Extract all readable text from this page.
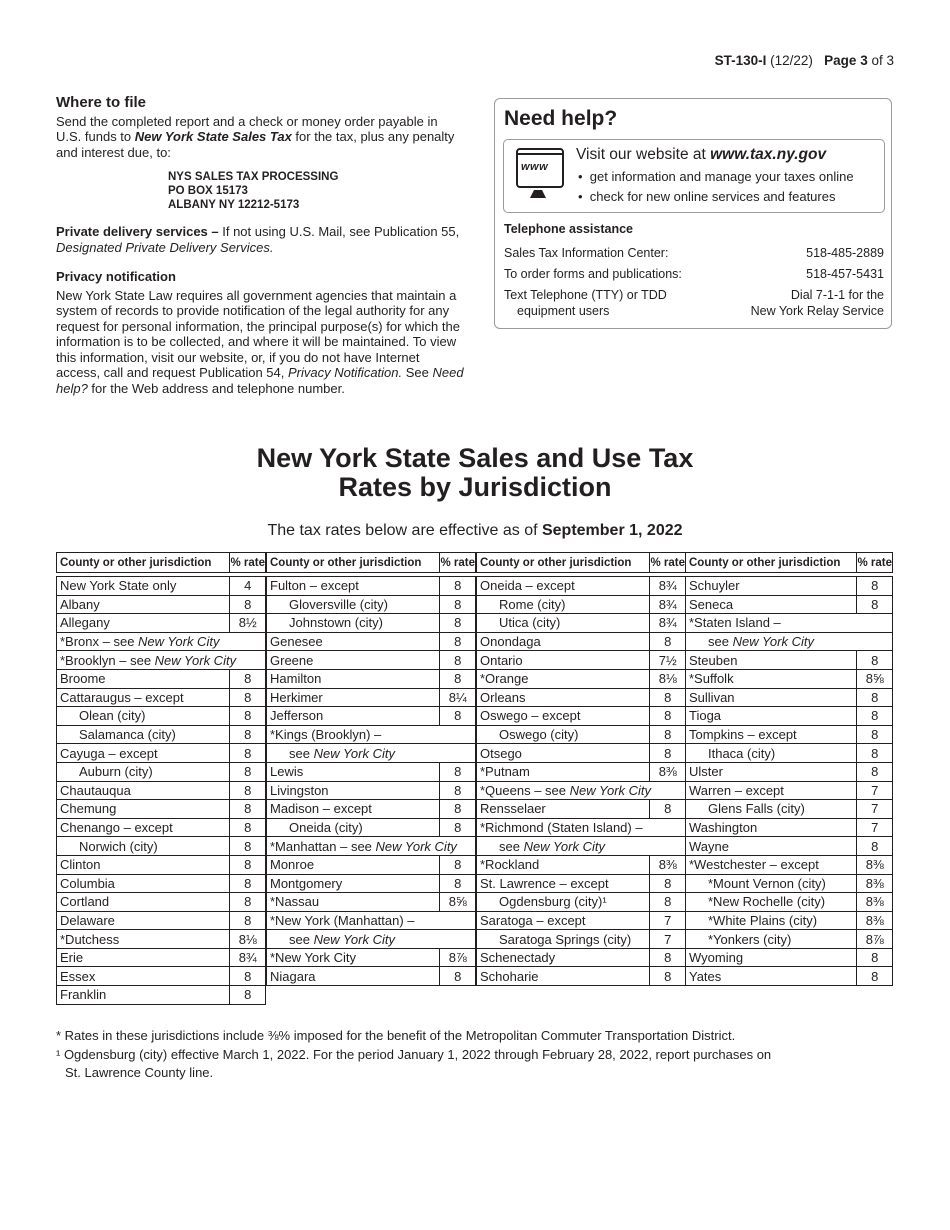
ST-130-I (12/22) Page 3 of 3
Where to file

Send the completed report and a check or money order payable in U.S. funds to New York State Sales Tax for the tax, plus any penalty and interest due, to:

NYS SALES TAX PROCESSING
PO BOX 15173
ALBANY NY 12212-5173

Private delivery services – If not using U.S. Mail, see Publication 55, Designated Private Delivery Services.

Privacy notification

New York State Law requires all government agencies that maintain a system of records to provide notification of the legal authority for any request for personal information, the principal purpose(s) for which the information is to be collected, and where it will be maintained. To view this information, visit our website, or, if you do not have Internet access, call and request Publication 54, Privacy Notification. See Need help? for the Web address and telephone number.

Need help?
www
Visit our website at www.tax.ny.gov
•  get information and manage your taxes online
•  check for new online services and features
Telephone assistance
Sales Tax Information Center:	518-485-2889
To order forms and publications:	518-457-5431
Text Telephone (TTY) or TDD
equipment users
Dial 7-1-1 for the
New York Relay Service
New York State Sales and Use Tax
Rates by Jurisdiction
The tax rates below are effective as of September 1, 2022
County or other jurisdiction	% rate

New York State only	4
Albany	8
Allegany	8½
*Bronx – see New York City	
*Brooklyn – see New York City	
Broome	8
Cattaraugus – except	8
Olean (city)	8
Salamanca (city)	8
Cayuga – except	8
Auburn (city)	8
Chautauqua	8
Chemung	8
Chenango – except	8
Norwich (city)	8
Clinton	8
Columbia	8
Cortland	8
Delaware	8
*Dutchess	8⅛
Erie	8¾
Essex	8
Franklin	8
County or other jurisdiction	% rate

Fulton – except	8
Gloversville (city)	8
Johnstown (city)	8
Genesee	8
Greene	8
Hamilton	8
Herkimer	8¼
Jefferson	8
*Kings (Brooklyn) –	
see New York City	
Lewis	8
Livingston	8
Madison – except	8
Oneida (city)	8
*Manhattan – see New York City	
Monroe	8
Montgomery	8
*Nassau	8⅝
*New York (Manhattan) –	
see New York City	
*New York City	8⅞
Niagara	8
County or other jurisdiction	% rate

Oneida – except	8¾
Rome (city)	8¾
Utica (city)	8¾
Onondaga	8
Ontario	7½
*Orange	8⅛
Orleans	8
Oswego – except	8
Oswego (city)	8
Otsego	8
*Putnam	8⅜
*Queens – see New York City	
Rensselaer	8
*Richmond (Staten Island) –	
see New York City	
*Rockland	8⅜
St. Lawrence – except	8
Ogdensburg (city)¹	8
Saratoga – except	7
Saratoga Springs (city)	7
Schenectady	8
Schoharie	8
County or other jurisdiction	% rate

Schuyler	8
Seneca	8
*Staten Island –	
see New York City	
Steuben	8
*Suffolk	8⅝
Sullivan	8
Tioga	8
Tompkins – except	8
Ithaca (city)	8
Ulster	8
Warren – except	7
Glens Falls (city)	7
Washington	7
Wayne	8
*Westchester – except	8⅜
*Mount Vernon (city)	8⅜
*New Rochelle (city)	8⅜
*White Plains (city)	8⅜
*Yonkers (city)	8⅞
Wyoming	8
Yates	8
* Rates in these jurisdictions include ⅜% imposed for the benefit of the Metropolitan Commuter Transportation District.
¹ Ogdensburg (city) effective March 1, 2022. For the period January 1, 2022 through February 28, 2022, report purchases on
St. Lawrence County line.
